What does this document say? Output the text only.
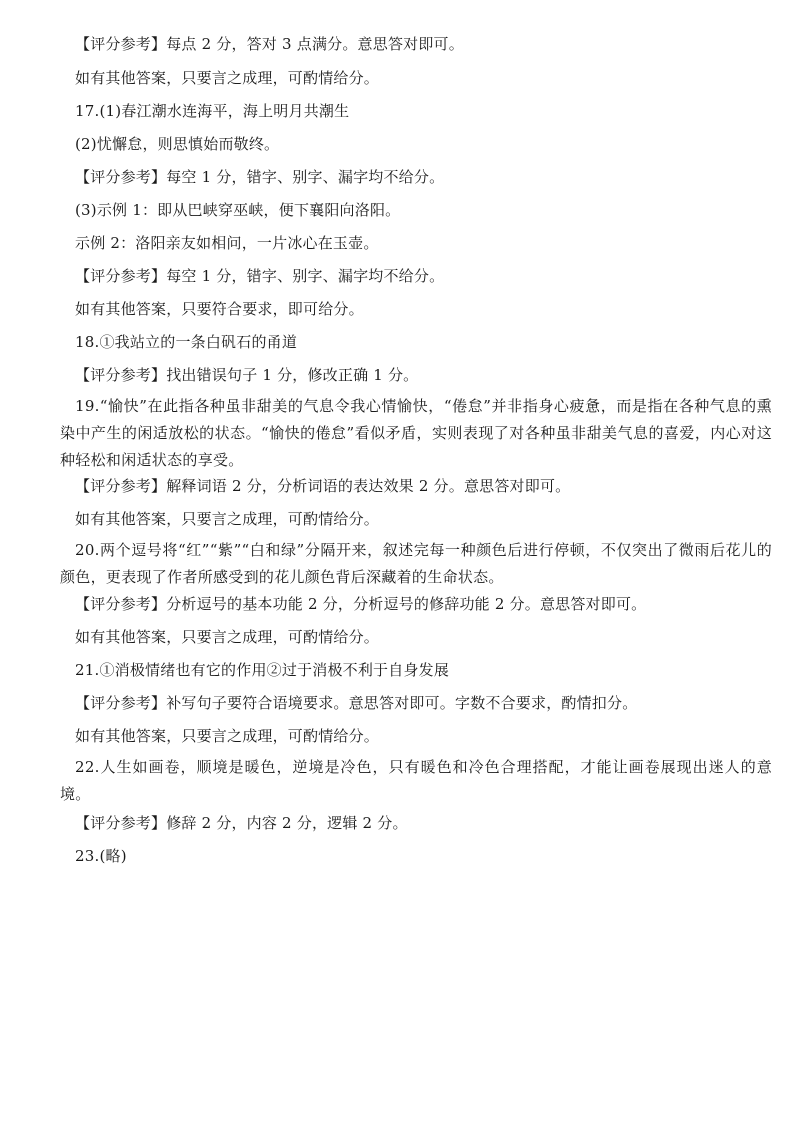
【评分参考】每点 2 分，答对 3 点满分。意思答对即可。
如有其他答案，只要言之成理，可酌情给分。
17.(1)春江潮水连海平，海上明月共潮生
(2)忧懈怠，则思慎始而敬终。
【评分参考】每空 1 分，错字、别字、漏字均不给分。
(3)示例 1：即从巴峡穿巫峡，便下襄阳向洛阳。
示例 2：洛阳亲友如相问，一片冰心在玉壶。
【评分参考】每空 1 分，错字、别字、漏字均不给分。
如有其他答案，只要符合要求，即可给分。
18.①我站立的一条白矾石的甬道
【评分参考】找出错误句子 1 分，修改正确 1 分。
19.“愉快”在此指各种虽非甜美的气息令我心情愉快，“倦怠”并非指身心疲惫，而是指在各种气息的熏染中产生的闲适放松的状态。“愉快的倦怠”看似矛盾，实则表现了对各种虽非甜美气息的喜爱，内心对这种轻松和闲适状态的享受。
【评分参考】解释词语 2 分，分析词语的表达效果 2 分。意思答对即可。
如有其他答案，只要言之成理，可酌情给分。
20.两个逗号将“红”“紫”“白和绿”分隔开来，叙述完每一种颜色后进行停顿，不仅突出了微雨后花儿的颜色，更表现了作者所感受到的花儿颜色背后深藏着的生命状态。
【评分参考】分析逗号的基本功能 2 分，分析逗号的修辞功能 2 分。意思答对即可。
如有其他答案，只要言之成理，可酌情给分。
21.①消极情绪也有它的作用②过于消极不利于自身发展
【评分参考】补写句子要符合语境要求。意思答对即可。字数不合要求，酌情扣分。
如有其他答案，只要言之成理，可酌情给分。
22.人生如画卷，顺境是暖色，逆境是冷色，只有暖色和冷色合理搭配，才能让画卷展现出迷人的意境。
【评分参考】修辞 2 分，内容 2 分，逻辑 2 分。
23.(略)
